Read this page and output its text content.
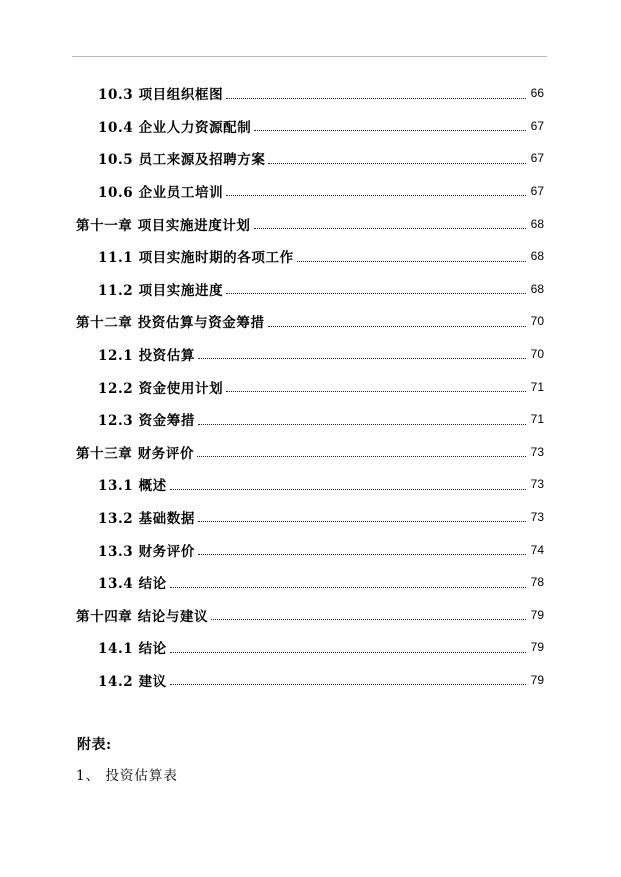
10.3 项目组织框图	66
10.4 企业人力资源配制	67
10.5 员工来源及招聘方案	67
10.6 企业员工培训	67
第十一章 项目实施进度计划	68
11.1 项目实施时期的各项工作	68
11.2 项目实施进度	68
第十二章 投资估算与资金筹措	70
12.1 投资估算	70
12.2 资金使用计划	71
12.3 资金筹措	71
第十三章 财务评价	73
13.1 概述	73
13.2 基础数据	73
13.3 财务评价	74
13.4 结论	78
第十四章 结论与建议	79
14.1 结论	79
14.2 建议	79
附表:
1、 投资估算表
